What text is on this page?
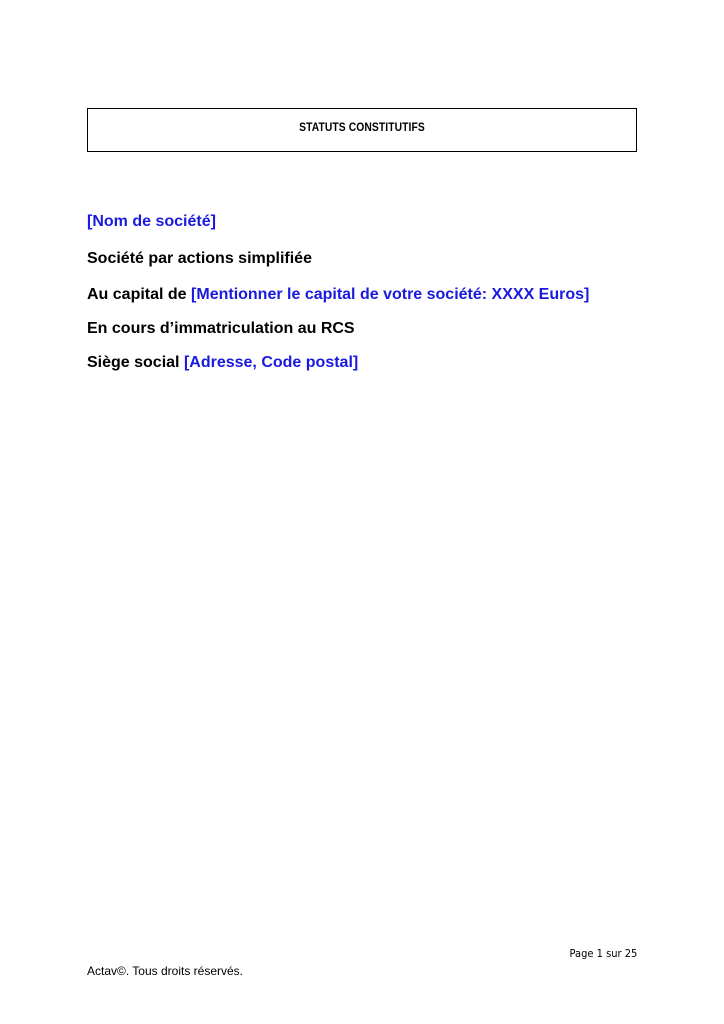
STATUTS CONSTITUTIFS
[Nom de société]
Société par actions simplifiée
Au capital de [Mentionner le capital de votre société: XXXX Euros]
En cours d’immatriculation au RCS
Siège social [Adresse, Code postal]
Page 1 sur 25
Actav©. Tous droits réservés.
